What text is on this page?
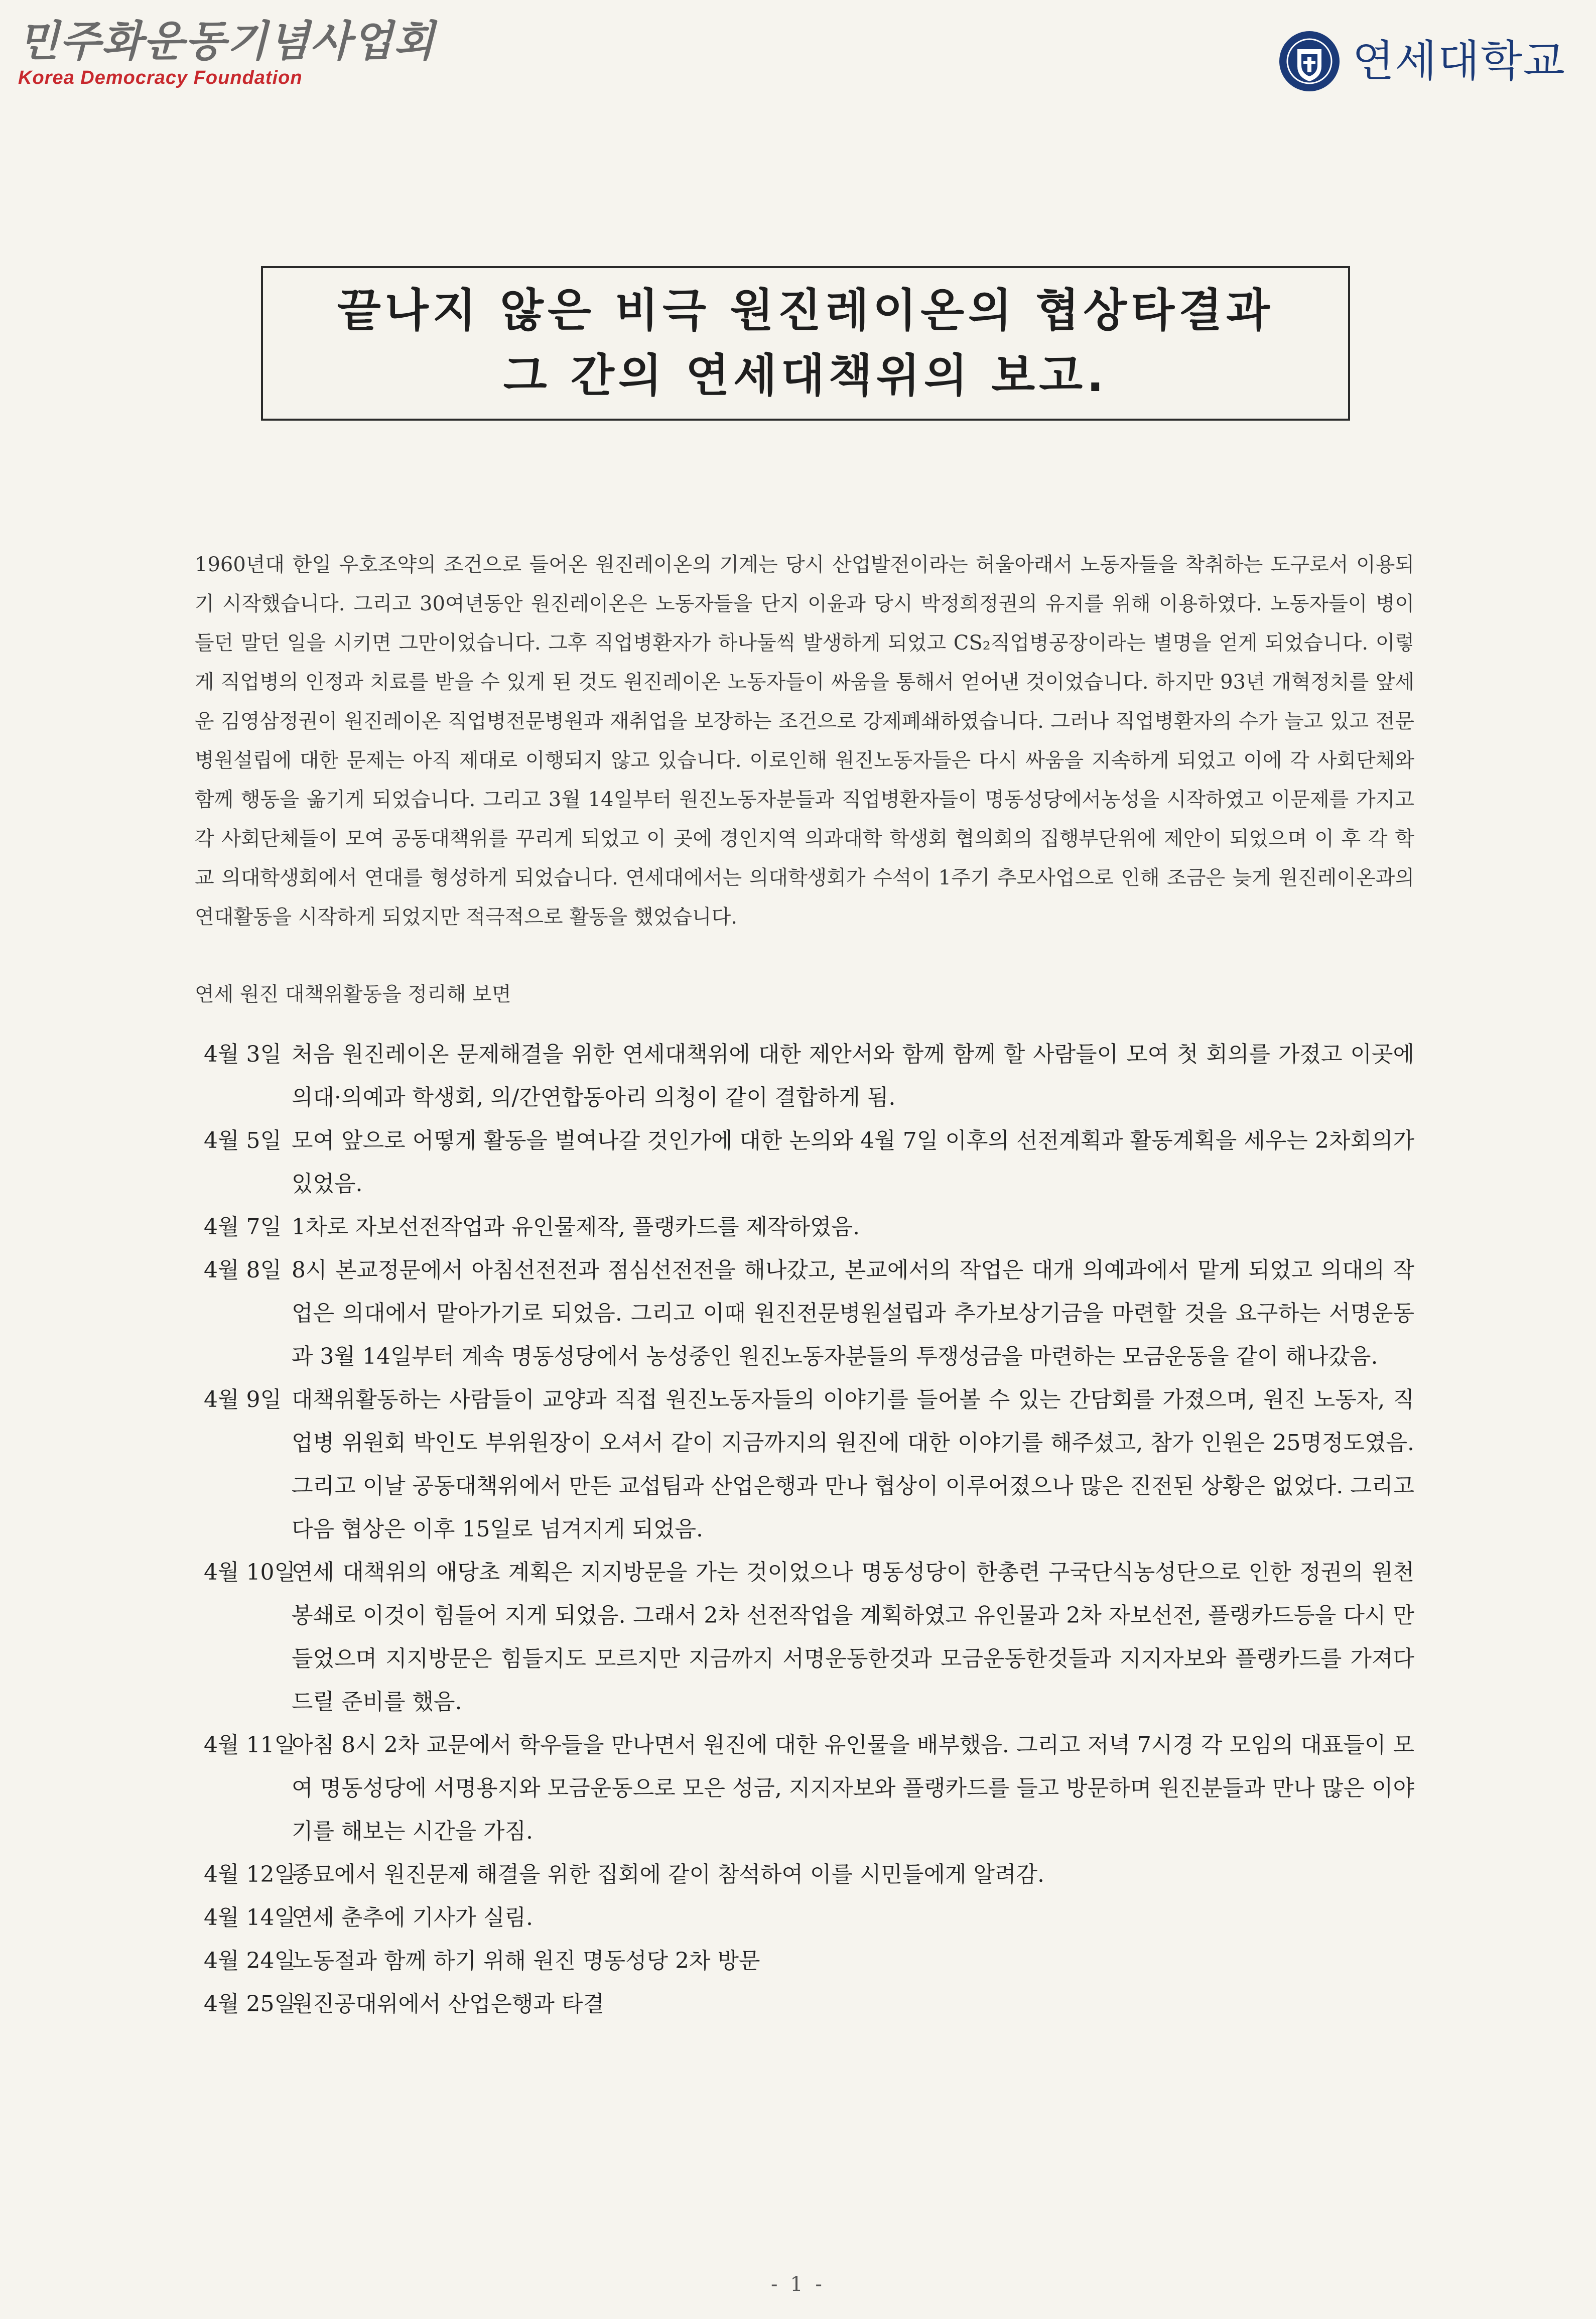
민주화운동기념사업회
Korea Democracy Foundation	연세대학교
끝나지 않은 비극 원진레이온의 협상타결과
그 간의 연세대책위의 보고.

1960년대 한일 우호조약의 조건으로 들어온 원진레이온의 기계는 당시 산업발전이라는 허울아래서 노동자들을 착취하는 도구로서 이용되기 시작했습니다. 그리고 30여년동안 원진레이온은 노동자들을 단지 이윤과 당시 박정희정권의 유지를 위해 이용하였다. 노동자들이 병이 들던 말던 일을 시키면 그만이었습니다. 그후 직업병환자가 하나둘씩 발생하게 되었고 CS₂직업병공장이라는 별명을 얻게 되었습니다. 이렇게 직업병의 인정과 치료를 받을 수 있게 된 것도 원진레이온 노동자들이 싸움을 통해서 얻어낸 것이었습니다. 하지만 93년 개혁정치를 앞세운 김영삼정권이 원진레이온 직업병전문병원과 재취업을 보장하는 조건으로 강제폐쇄하였습니다. 그러나 직업병환자의 수가 늘고 있고 전문병원설립에 대한 문제는 아직 제대로 이행되지 않고 있습니다. 이로인해 원진노동자들은 다시 싸움을 지속하게 되었고 이에 각 사회단체와 함께 행동을 옮기게 되었습니다. 그리고 3월 14일부터 원진노동자분들과 직업병환자들이 명동성당에서농성을 시작하였고 이문제를 가지고 각 사회단체들이 모여 공동대책위를 꾸리게 되었고 이 곳에 경인지역 의과대학 학생회 협의회의 집행부단위에 제안이 되었으며 이 후 각 학교 의대학생회에서 연대를 형성하게 되었습니다. 연세대에서는 의대학생회가 수석이 1주기 추모사업으로 인해 조금은 늦게 원진레이온과의 연대활동을 시작하게 되었지만 적극적으로 활동을 했었습니다.

연세 원진 대책위활동을 정리해 보면
4월 3일 처음 원진레이온 문제해결을 위한 연세대책위에 대한 제안서와 함께 함께 할 사람들이 모여 첫 회의를 가졌고 이곳에 의대·의예과 학생회, 의/간연합동아리 의청이 같이 결합하게 됨.
4월 5일 모여 앞으로 어떻게 활동을 벌여나갈 것인가에 대한 논의와 4월 7일 이후의 선전계획과 활동계획을 세우는 2차회의가 있었음.
4월 7일 1차로 자보선전작업과 유인물제작, 플랭카드를 제작하였음.
4월 8일 8시 본교정문에서 아침선전전과 점심선전전을 해나갔고, 본교에서의 작업은 대개 의예과에서 맡게 되었고 의대의 작업은 의대에서 맡아가기로 되었음. 그리고 이때 원진전문병원설립과 추가보상기금을 마련할 것을 요구하는 서명운동과 3월 14일부터 계속 명동성당에서 농성중인 원진노동자분들의 투쟁성금을 마련하는 모금운동을 같이 해나갔음.
4월 9일 대책위활동하는 사람들이 교양과 직접 원진노동자들의 이야기를 들어볼 수 있는 간담회를 가졌으며, 원진 노동자, 직업병 위원회 박인도 부위원장이 오셔서 같이 지금까지의 원진에 대한 이야기를 해주셨고, 참가 인원은 25명정도였음. 그리고 이날 공동대책위에서 만든 교섭팀과 산업은행과 만나 협상이 이루어졌으나 많은 진전된 상황은 없었다. 그리고 다음 협상은 이후 15일로 넘겨지게 되었음.
4월 10일
연세 대책위의 애당초 계획은 지지방문을 가는 것이었으나 명동성당이 한총련 구국단식농성단으로 인한 정권의 원천봉쇄로 이것이 힘들어 지게 되었음. 그래서 2차 선전작업을 계획하였고 유인물과 2차 자보선전, 플랭카드등을 다시 만들었으며 지지방문은 힘들지도 모르지만 지금까지 서명운동한것과 모금운동한것들과 지지자보와 플랭카드를 가져다 드릴 준비를 했음.
4월 11일
아침 8시 2차 교문에서 학우들을 만나면서 원진에 대한 유인물을 배부했음. 그리고 저녁 7시경 각 모임의 대표들이 모여 명동성당에 서명용지와 모금운동으로 모은 성금, 지지자보와 플랭카드를 들고 방문하며 원진분들과 만나 많은 이야기를 해보는 시간을 가짐.
4월 12일
종묘에서 원진문제 해결을 위한 집회에 같이 참석하여 이를 시민들에게 알려감.
4월 14일
연세 춘추에 기사가 실림.
4월 24일
노동절과 함께 하기 위해 원진 명동성당 2차 방문
4월 25일
원진공대위에서 산업은행과 타결
- 1 -
